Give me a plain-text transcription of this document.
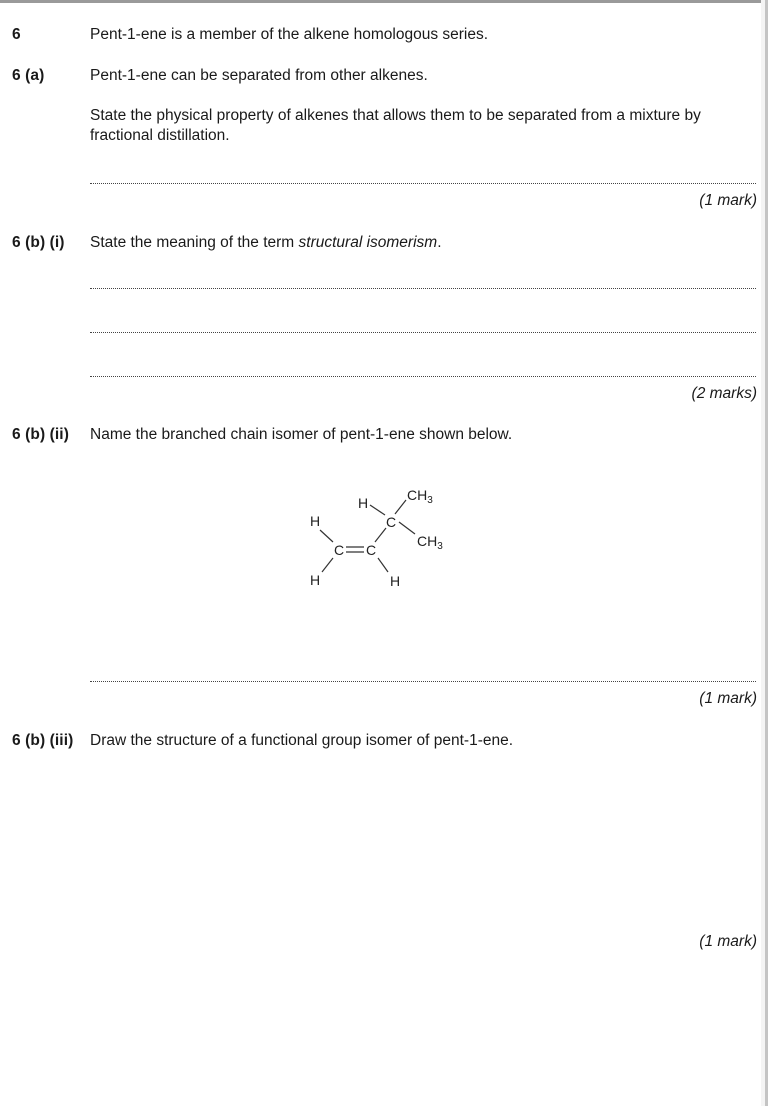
6	Pent-1-ene is a member of the alkene homologous series.
6 (a)	Pent-1-ene can be separated from other alkenes.
State the physical property of alkenes that allows them to be separated from a mixture by fractional distillation.
(1 mark)
6 (b) (i) State the meaning of the term structural isomerism.
(2 marks)
6 (b) (ii) Name the branched chain isomer of pent-1-ene shown below.
H
C C
H	H
C
H	$CH_3$
$CH_3$
(1 mark)
6 (b) (iii) Draw the structure of a functional group isomer of pent-1-ene.
(1 mark)
